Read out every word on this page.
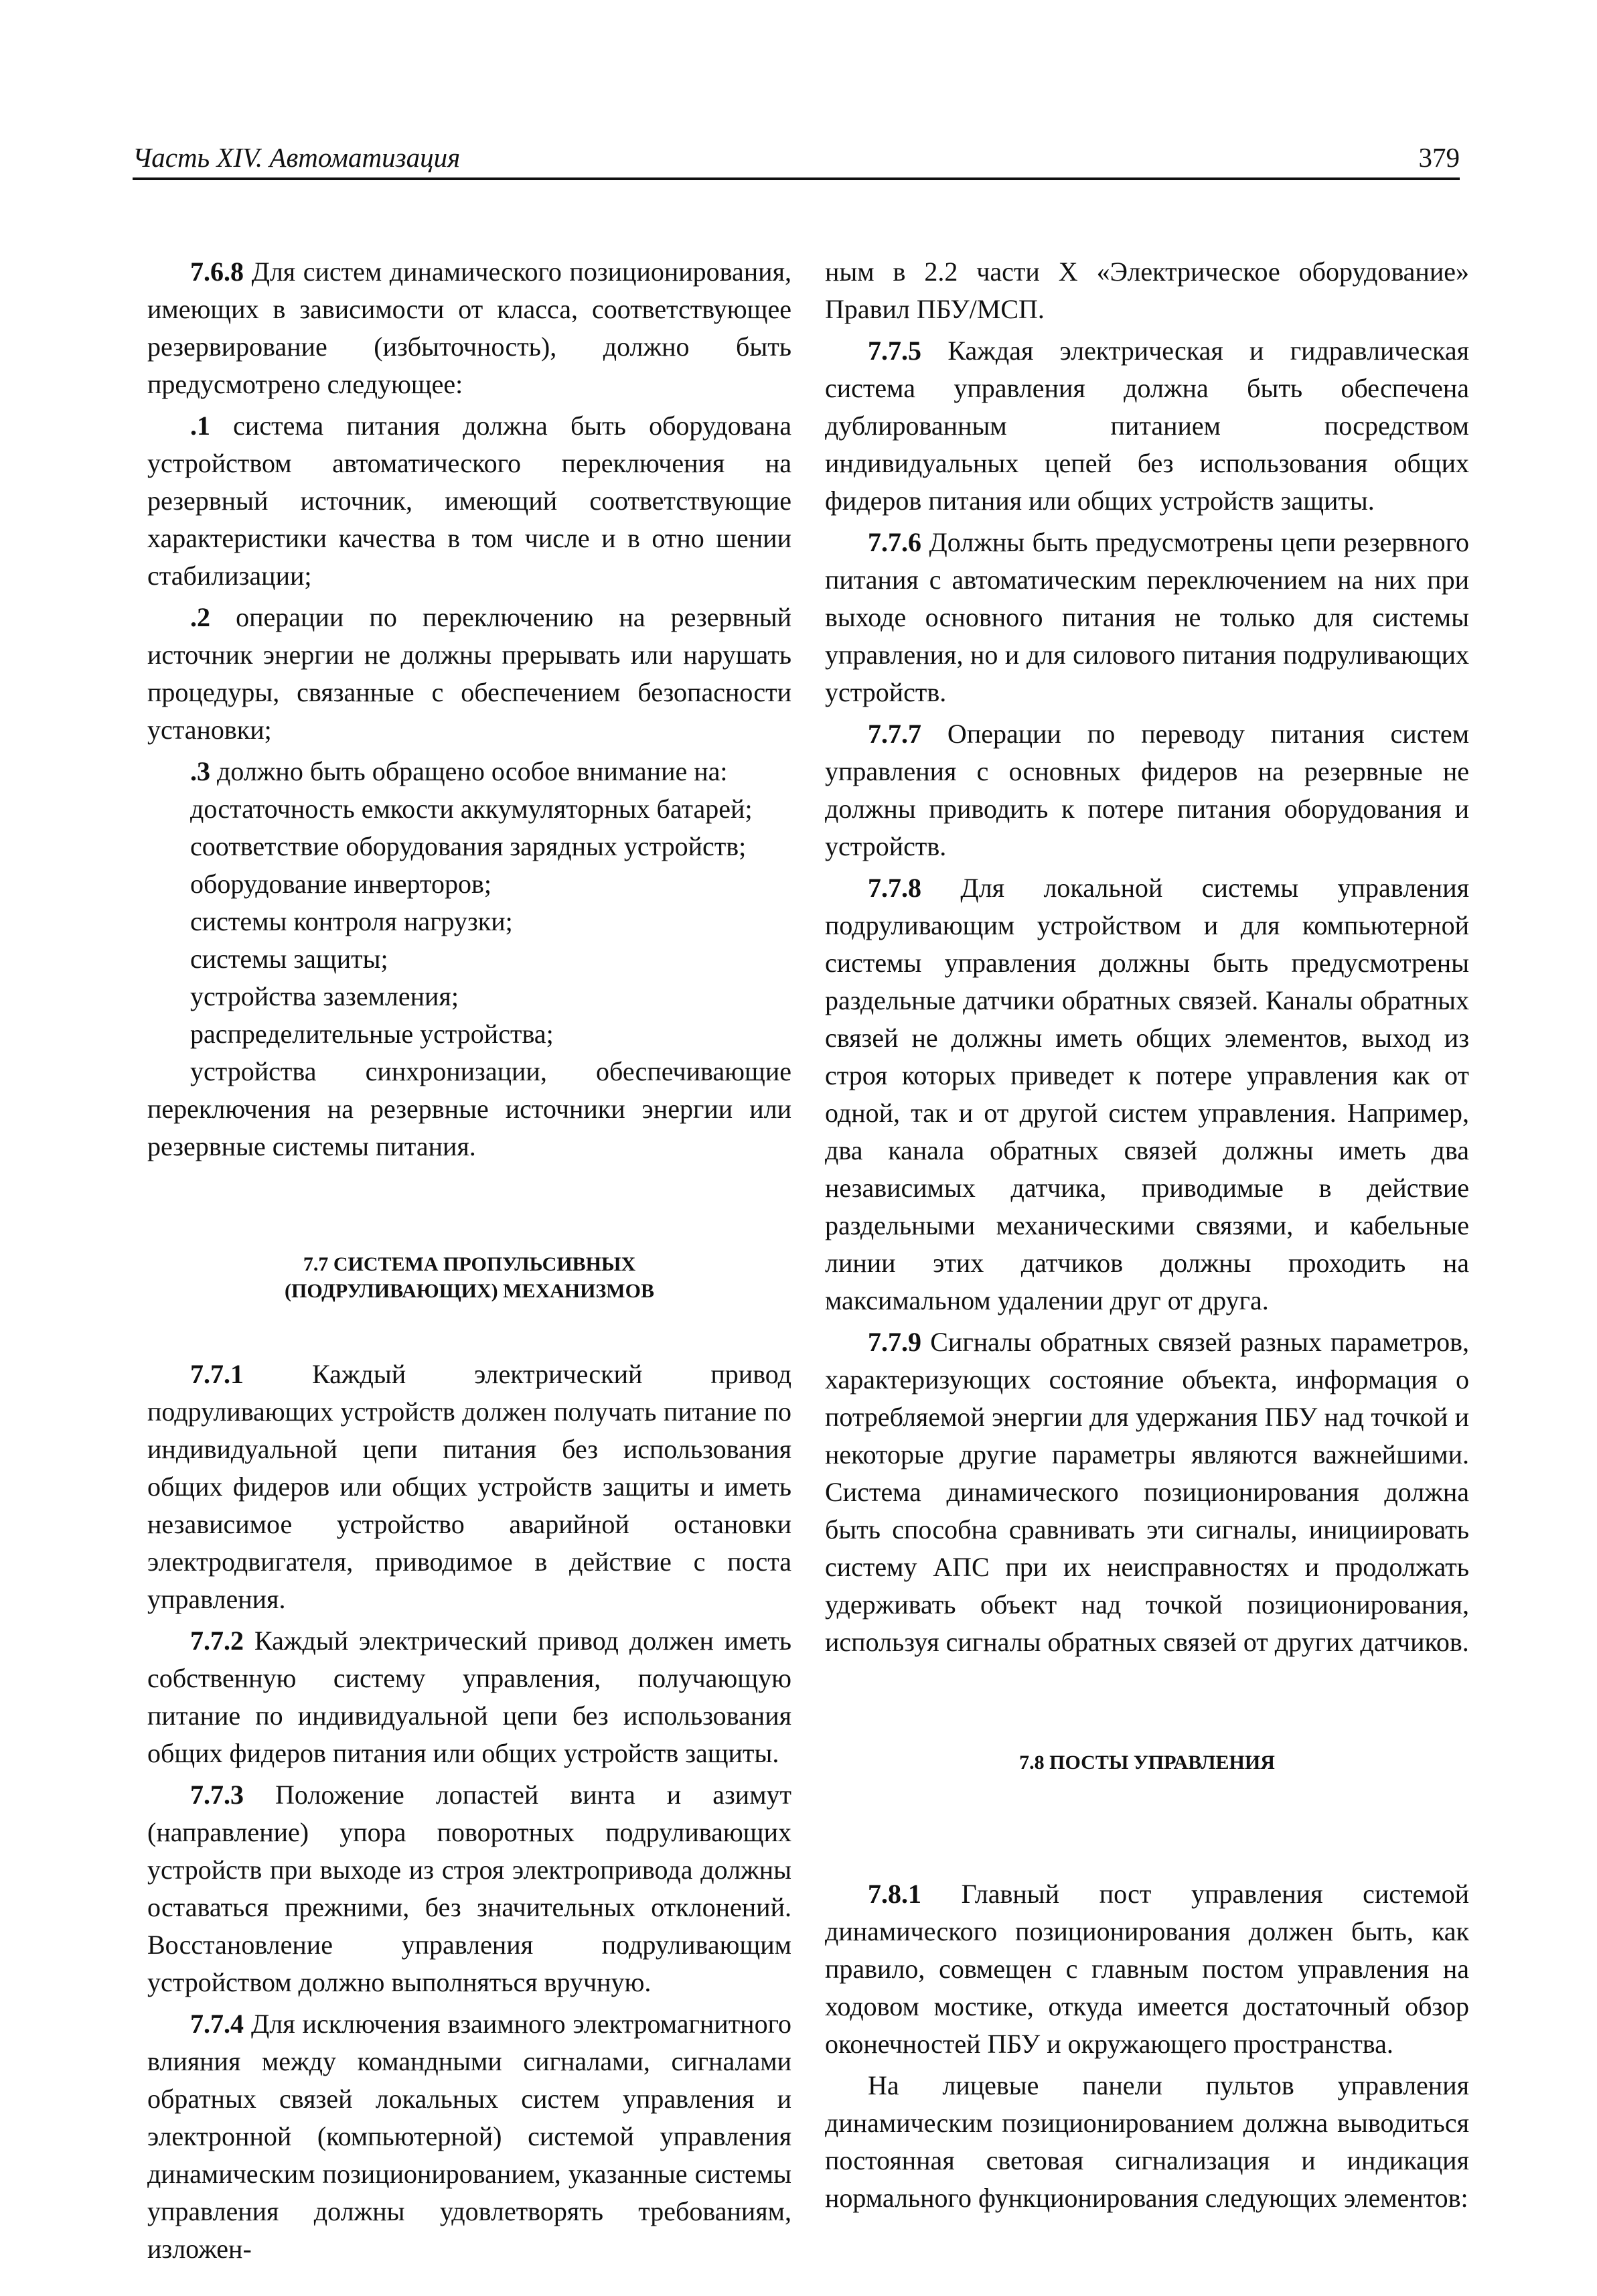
Часть XIV. Автоматизация	379

7.6.8 Для систем динамического позиционирования, имеющих в зависимости от класса, соответствующее резервирование (избыточность), должно быть предусмотрено следующее:

.1 система питания должна быть оборудована устройством автоматического переключения на резервный источник, имеющий соответствующие характеристики качества в том числе и в отно шении стабилизации;

.2 операции по переключению на резервный источник энергии не должны прерывать или нарушать процедуры, связанные с обеспечением безопасности установки;

.3 должно быть обращено особое внимание на:

достаточность емкости аккумуляторных батарей;

соответствие оборудования зарядных устройств;

оборудование инверторов;

системы контроля нагрузки;

системы защиты;

устройства заземления;

распределительные устройства;

устройства синхронизации, обеспечивающие переключения на резервные источники энергии или резервные системы питания.

7.7 СИСТЕМА ПРОПУЛЬСИВНЫХ
(ПОДРУЛИВАЮЩИХ) МЕХАНИЗМОВ

7.7.1 Каждый электрический привод подруливающих устройств должен получать питание по индивидуальной цепи питания без использования общих фидеров или общих устройств защиты и иметь независимое устройство аварийной остановки электродвигателя, приводимое в действие с поста управления.

7.7.2 Каждый электрический привод должен иметь собственную систему управления, получающую питание по индивидуальной цепи без использования общих фидеров питания или общих устройств защиты.

7.7.3 Положение лопастей винта и азимут (направление) упора поворотных подруливающих устройств при выходе из строя электропривода должны оставаться прежними, без значительных отклонений. Восстановление управления подруливающим устройством должно выполняться вручную.

7.7.4 Для исключения взаимного электромагнитного влияния между командными сигналами, сигналами обратных связей локальных систем управления и электронной (компьютерной) системой управления динамическим позиционированием, указанные системы управления должны удовлетворять требованиям, изложен-

ным в 2.2 части X «Электрическое оборудование» Правил ПБУ/МСП.

7.7.5 Каждая электрическая и гидравлическая система управления должна быть обеспечена дублированным питанием посредством индивидуальных цепей без использования общих фидеров питания или общих устройств защиты.

7.7.6 Должны быть предусмотрены цепи резервного питания с автоматическим переключением на них при выходе основного питания не только для системы управления, но и для силового питания подруливающих устройств.

7.7.7 Операции по переводу питания систем управления с основных фидеров на резервные не должны приводить к потере питания оборудования и устройств.

7.7.8 Для локальной системы управления подруливающим устройством и для компьютерной системы управления должны быть предусмотрены раздельные датчики обратных связей. Каналы обратных связей не должны иметь общих элементов, выход из строя которых приведет к потере управления как от одной, так и от другой систем управления. Например, два канала обратных связей должны иметь два независимых датчика, приводимые в действие раздельными механическими связями, и кабельные линии этих датчиков должны проходить на максимальном удалении друг от друга.

7.7.9 Сигналы обратных связей разных параметров, характеризующих состояние объекта, информация о потребляемой энергии для удержания ПБУ над точкой и некоторые другие параметры являются важнейшими. Система динамического позиционирования должна быть способна сравнивать эти сигналы, инициировать систему АПС при их неисправностях и продолжать удерживать объект над точкой позиционирования, используя сигналы обратных связей от других датчиков.

7.8 ПОСТЫ УПРАВЛЕНИЯ

7.8.1 Главный пост управления системой динамического позиционирования должен быть, как правило, совмещен с главным постом управления на ходовом мостике, откуда имеется достаточный обзор оконечностей ПБУ и окружающего пространства.

На лицевые панели пультов управления динамическим позиционированием должна выводиться постоянная световая сигнализация и индикация нормального функционирования следующих элементов:
